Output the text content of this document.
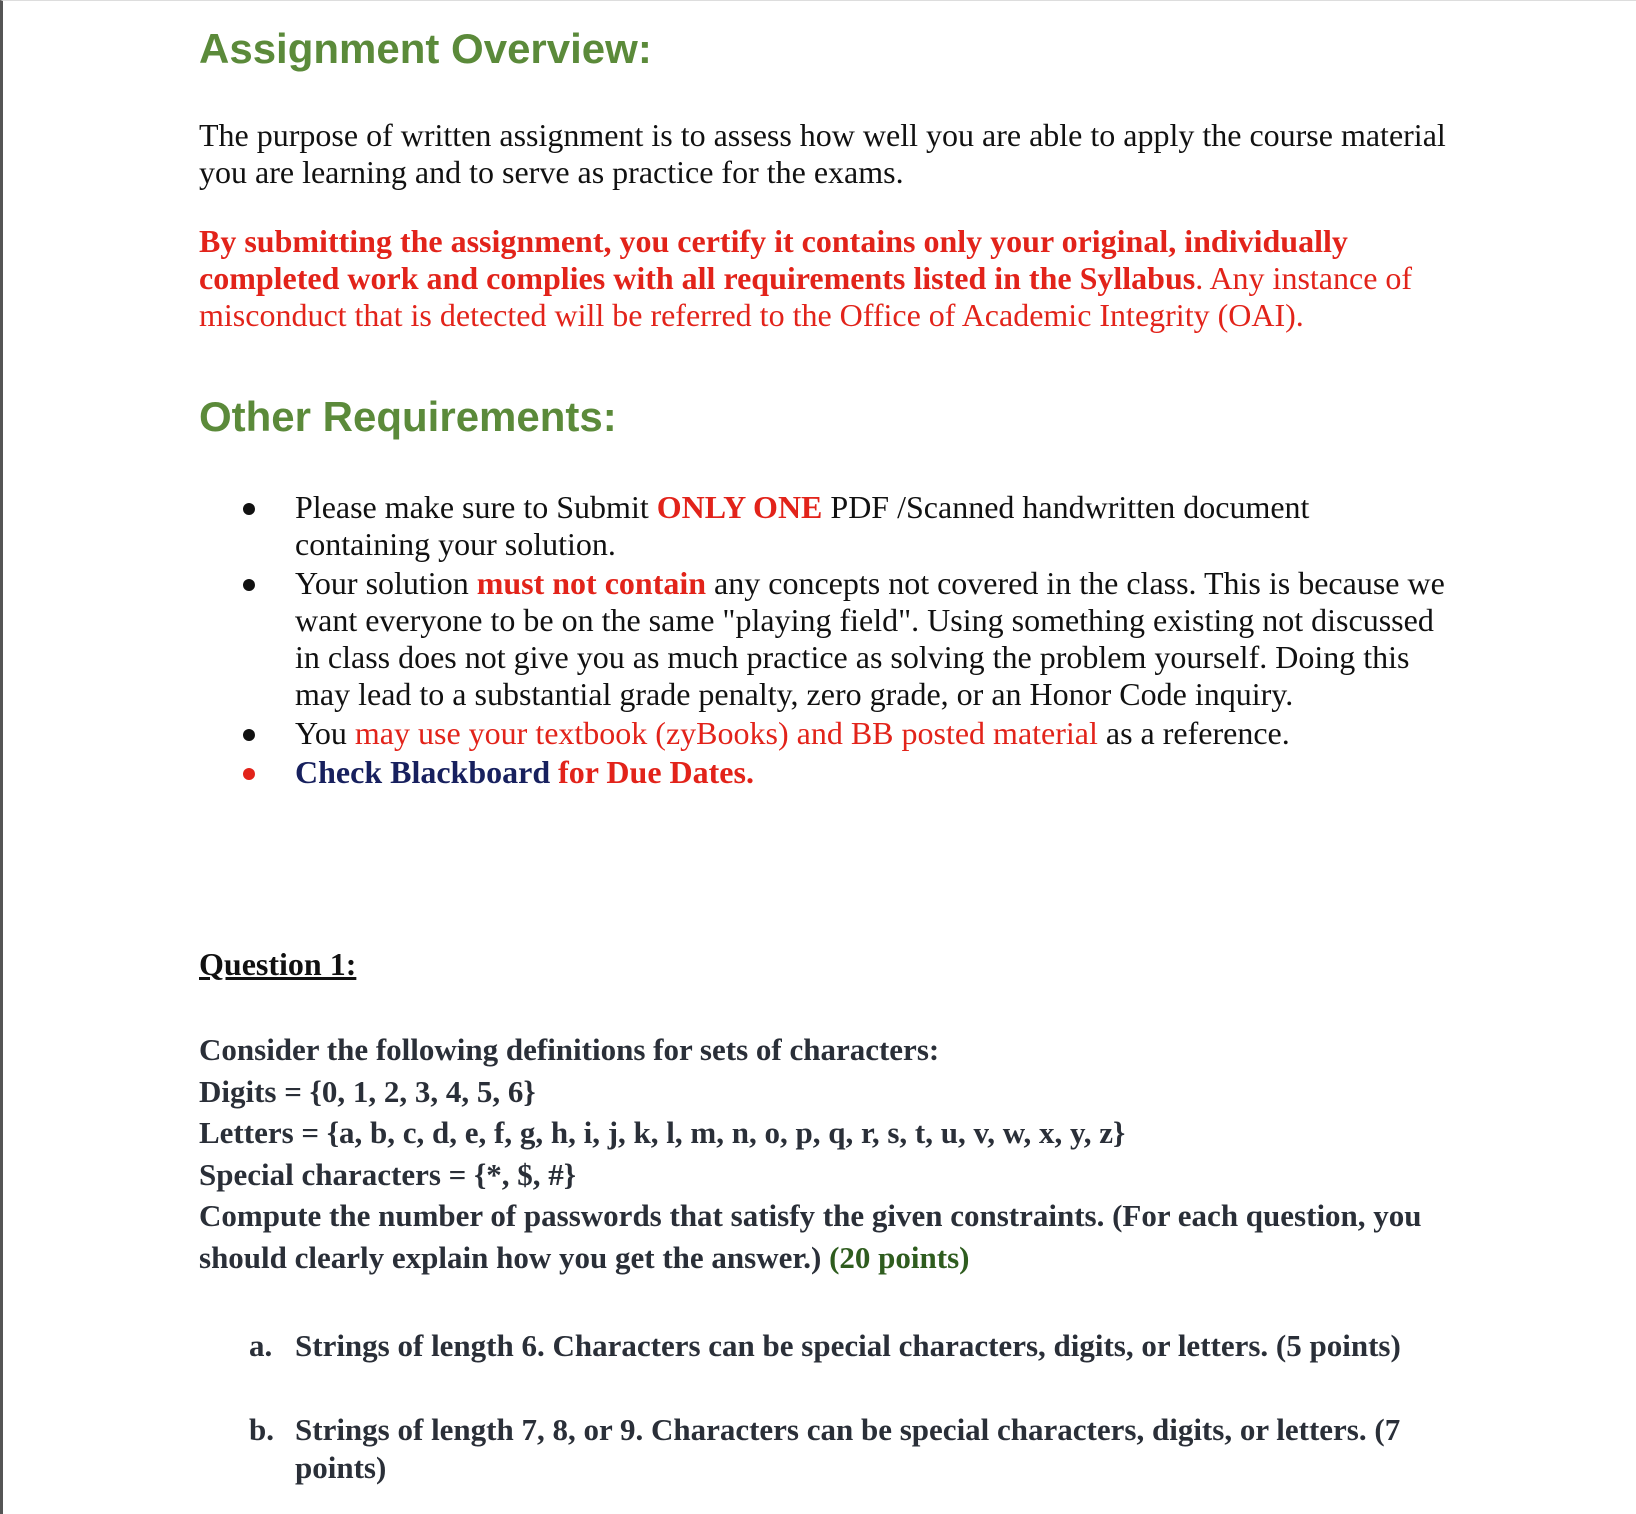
Assignment Overview:

The purpose of written assignment is to assess how well you are able to apply the course material you are learning and to serve as practice for the exams.

By submitting the assignment, you certify it contains only your original, individually completed work and complies with all requirements listed in the Syllabus. Any instance of misconduct that is detected will be referred to the Office of Academic Integrity (OAI).

Other Requirements:
Please make sure to Submit ONLY ONE PDF /Scanned handwritten document containing your solution.
Your solution must not contain any concepts not covered in the class. This is because we want everyone to be on the same "playing field". Using something existing not discussed in class does not give you as much practice as solving the problem yourself. Doing this may lead to a substantial grade penalty, zero grade, or an Honor Code inquiry.
You may use your textbook (zyBooks) and BB posted material as a reference.
Check Blackboard for Due Dates.
Question 1:
Consider the following definitions for sets of characters:
Digits = {0, 1, 2, 3, 4, 5, 6}
Letters = {a, b, c, d, e, f, g, h, i, j, k, l, m, n, o, p, q, r, s, t, u, v, w, x, y, z}
Special characters = {*, $, #}
Compute the number of passwords that satisfy the given constraints. (For each question, you should clearly explain how you get the answer.) (20 points)
a. Strings of length 6. Characters can be special characters, digits, or letters. (5 points)
b. Strings of length 7, 8, or 9. Characters can be special characters, digits, or letters. (7 points)
